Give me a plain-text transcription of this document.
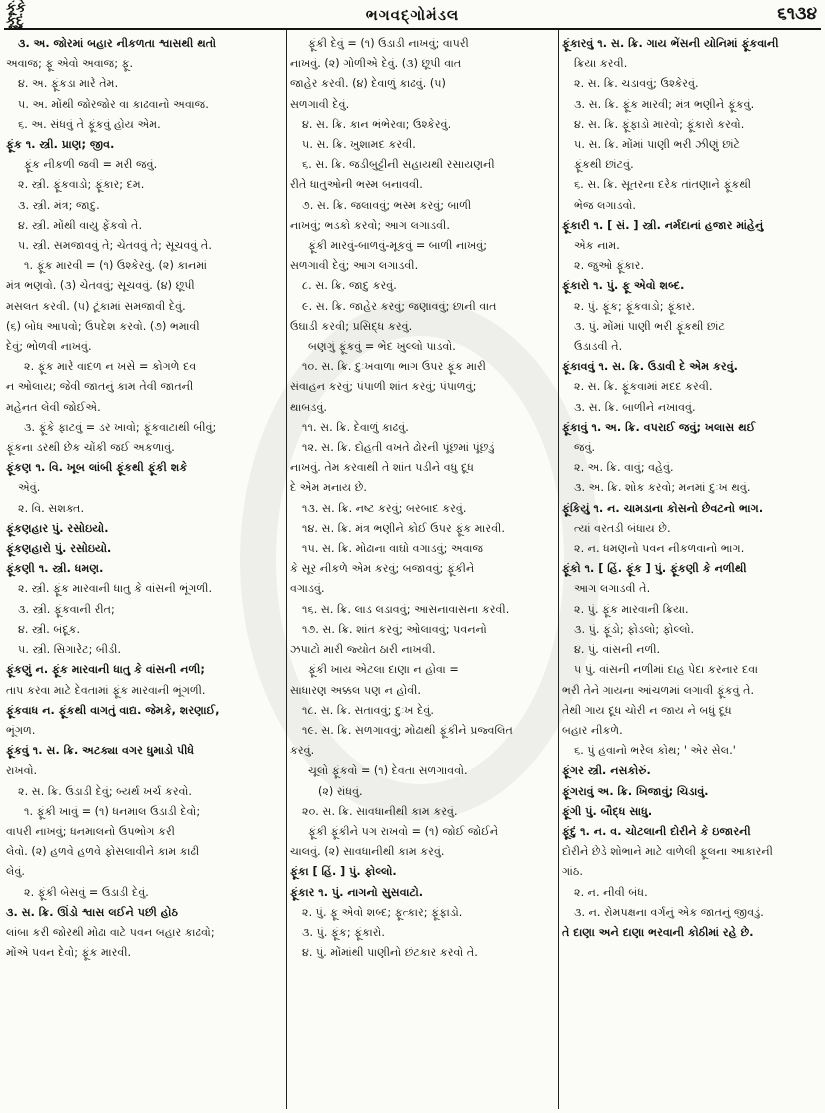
કૂંકે
કૂંદું	ભગવદ્ગોમંડલ	૬૧૩૪
૩. અ. જોરમાં બહાર નીકળતા શ્વાસથી થતો
અવાજ; ફૂ એવો અવાજ; ફૂ.
૪. અ. ફૂંકડા મારે તેમ.
૫. અ. મોંથી જોરજોર વા કાઢવાનો અવાજ.
૬. અ. સંધવું તે ફૂંકવું હોય એમ.
ફૂંક ૧. સ્ત્રી. પ્રાણ; જીવ.
ફૂંક નીકળી જવી = મરી જવું.
૨. સ્ત્રી. ફૂંકવાડો; ફૂંકાર; દમ.
૩. સ્ત્રી. મંત્ર; જાદુ.
૪. સ્ત્રી. મોંથી વાયુ ફેંકવો તે.
૫. સ્ત્રી. સમજાવવું તે; ચેતવવું તે; સૂચવવું તે.
૧. ફૂંક મારવી = (૧) ઉશ્કેરવું. (૨) કાનમાં
મંત્ર ભણવો. (૩) ચેતવવું; સૂચવવું. (૪) છૂપી
મસલત કરવી. (૫) ટૂંકામાં સમજાવી દેવું.
(૬) બોધ આપવો; ઉપદેશ કરવો. (૭) ભમાવી
દેવું; ભોળવી નાખવું.
૨. ફૂંક મારે વાદળ ન ખસે = કોગળે દવ
ન ઓલાય; જેવી જાતનું કામ તેવી જાતની
મહેનત લેવી જોઈએ.
૩. ફૂંકે ફાટવું = ડર ખાવો; ફૂંકવાટાથી બીવું;
ફૂંકના ડરથી છેક ચોંકી જઈ અકળાવું.
ફૂંકણ ૧. વિ. ખૂબ લાંબી ફૂંકથી ફૂંકી શકે
એવું.
૨. વિ. સશક્ત.
ફૂંકણહાર પું. રસોઇયો.
ફૂંકણહારો પું. રસોઇયો.
ફૂંકણી ૧. સ્ત્રી. ધમણ.
૨. સ્ત્રી. ફૂંક મારવાની ધાતુ કે વાંસની ભૂંગળી.
૩. સ્ત્રી. ફૂંકવાની રીત;
૪. સ્ત્રી. બંદૂક.
૫. સ્ત્રી. સિગારેટ; બીડી.
ફૂંકણું ન. ફૂંક મારવાની ધાતુ કે વાંસની નળી;
તાપ કરવા માટે દેવતામાં ફૂંક મારવાની ભૂંગળી.
ફૂંકવાધ ન. ફૂંકથી વાગતું વાદ્ય. જેમકે, શરણાઈ,
ભૂંગળ.
ફૂંકવું ૧. સ. ક્રિ. અટક્યા વગર ધુમાડો પીધે
રાખવો.
૨. સ. ક્રિ. ઉડાડી દેવું; બ્યર્થ ખર્ચ કરવો.
૧. ફૂંકી ખાવું = (૧) ધનમાલ ઉડાડી દેવો;
વાપરી નાખવું; ધનમાલનો ઉપભોગ કરી
લેવો. (૨) હળવે હળવે ફોસલાવીને કામ કાઢી
લેવું.
૨. ફૂંકી બેસવું = ઉડાડી દેવું.
૩. સ. ક્રિ. ઊંડો શ્વાસ લઈને પછી હોઠ
લાંબા કરી જોરથી મોઢા વાટે પવન બહાર કાઢવો;
મોંએ પવન દેવો; ફૂંક મારવી.
ફૂંકી દેવું = (૧) ઉડાડી નાખવું; વાપરી
નાખવું. (૨) ગોળીએ દેવું. (૩) છૂપી વાત
જાહેર કરવી. (૪) દેવાળું કાઢવું. (૫)
સળગાવી દેવું.
૪. સ. ક્રિ. કાન ભંભેરવા; ઉશ્કેરવું.
૫. સ. ક્રિ. ખુશામદ કરવી.
૬. સ. ક્રિ. જડીબુટ્ટીની સહાયથી રસાયણની
રીતે ધાતુઓની ભસ્મ બનાવવી.
૭. સ. ક્રિ. જલાવવું; ભસ્મ કરવું; બાળી
નાખવું; ભડકો કરવો; આગ લગાડવી.
ફૂંકી મારવું-બાળવું-મૂકવું = બાળી નાખવું;
સળગાવી દેવું; આગ લગાડવી.
૮. સ. ક્રિ. જાદુ કરવું.
૯. સ. ક્રિ. જાહેર કરવું; જણાવવું; છાની વાત
ઉઘાડી કરવી; પ્રસિદ્ધ કરવું.
બણગું ફૂંકવું = ભેદ ખુલ્લો પાડવો.
૧૦. સ. ક્રિ. દુઃખવાળા ભાગ ઉપર ફૂંક મારી
સંવાહન કરવું; પંપાળી શાંત કરવું; પંપાળવું;
થાબડવું.
૧૧. સ. ક્રિ. દેવાળું કાઢવું.
૧૨. સ. ક્રિ. દોહતી વખતે ઢોરની પૂંછમાં પૂંછડું
નાખવું. તેમ કરવાથી તે શાંત પડીને વધુ દૂધ
દે એમ મનાય છે.
૧૩. સ. ક્રિ. નષ્ટ કરવું; બરબાદ કરવું.
૧૪. સ. ક્રિ. મંત્ર ભણીને કોઈ ઉપર ફૂંક મારવી.
૧૫. સ. ક્રિ. મોઢાના વાઘો વગાડવું; અવાજ
કે સૂર નીકળે એમ કરવું; બજાવવું; ફૂંકીને
વગાડવું.
૧૬. સ. ક્રિ. લાડ લડાવવું; આસનાવાસના કરવી.
૧૭. સ. ક્રિ. શાંત કરવું; ઓલાવવું; પવનનો
ઝપાટો મારી જ્યોત ઠારી નાખવી.
ફૂંકી ખાય એટલા દાણા ન હોવા =
સાધારણ અક્કલ પણ ન હોવી.
૧૮. સ. ક્રિ. સતાવવું; દુઃખ દેવું.
૧૯. સ. ક્રિ. સળગાવવું; મોઢાથી ફૂંકીને પ્રજ્વલિત
કરવું.
ચૂલો ફૂંકવો = (૧) દેવતા સળગાવવો.
(૨) રાંધવું.
૨૦. સ. ક્રિ. સાવધાનીથી કામ કરવું.
ફૂંકી ફૂંકીને પગ રાખવો = (૧) જોઈ જોઈને
ચાલવું. (૨) સાવધાનીથી કામ કરવું.
ફૂંકા [ હિં. ] પું. ફોલ્લો.
ફૂંકાર ૧. પું. નાગનો સુસવાટો.
૨. પું. ફૂ એવો શબ્દ; ફૂત્કાર; ફૂંફાડો.
૩. પું. ફૂંક; ફૂંકારો.
૪. પું. મોંમાંથી પાણીનો છંટકાર કરવો તે.
ફૂંકારવું ૧. સ. ક્રિ. ગાય ભેંસની યોનિમાં ફૂંકવાની
ક્રિયા કરવી.
૨. સ. ક્રિ. ચડાવવું; ઉશ્કેરવું.
૩. સ. ક્રિ. ફૂંક મારવી; મંત્ર ભણીને ફૂંકવું.
૪. સ. ક્રિ. ફૂંફાડો મારવો; ફૂંકારો કરવો.
૫. સ. ક્રિ. મોંમાં પાણી ભરી ઝીણું છાંટે
ફૂંકથી છાંટવું.
૬. સ. ક્રિ. સૂતરના દરેક તાંતણાને ફૂંકથી
ભેજ લગાડવો.
ફૂંકારી ૧. [ સં. ] સ્ત્રી. નર્મદાનાં હજાર માંહેનું
એક નામ.
૨. જુઓ ફૂંકાર.
ફૂંકારો ૧. પું. ફૂ એવો શબ્દ.
૨. પું. ફૂંક; ફૂંકવાડો; ફૂંકાર.
૩. પું. મોંમાં પાણી ભરી ફૂંકથી છાંટ
ઉડાડવી તે.
ફૂંકાવવું ૧. સ. ક્રિ. ઉડાવી દે એમ કરવું.
૨. સ. ક્રિ. ફૂંકવામાં મદદ કરવી.
૩. સ. ક્રિ. બાળીને નખાવવું.
ફૂંકાવું ૧. અ. ક્રિ. વપરાઈ જવું; ખલાસ થઈ
જવું.
૨. અ. ક્રિ. વાવું; વહેવું.
૩. અ. ક્રિ. શોક કરવો; મનમાં દુઃખ થવું.
ફૂંકિયું ૧. ન. ચામડાના કોસનો છેવટનો ભાગ.
ત્યાં વરતડી બંધાય છે.
૨. ન. ધમણનો પવન નીકળવાનો ભાગ.
ફૂંકો ૧. [ હિં. ફૂંક ] પું. ફૂંકણી કે નળીથી
આગ લગાડવી તે.
૨. પું. ફૂંક મારવાની ક્રિયા.
૩. પું. ફૂંડો; ફોડલો; ફોલ્લો.
૪. પું. વાંસની નળી.
૫ પું. વાંસની નળીમાં દાહ પેદા કરનાર દવા
ભરી તેને ગાયના આંચળમાં લગાવી ફૂંકવું તે.
તેથી ગાય દૂધ ચોરી ન જાય ને બધું દૂધ
બહાર નીકળે.
૬. પું હવાનો ભરેલ કોથ; ' એર સેલ.'
ફૂંગર સ્ત્રી. નસકોરું.
ફૂંગરાવું અ. ક્રિ. ખિજાવું; ચિડાવું.
ફૂંગી પું. બૌદ્ધ સાધુ.
ફૂંદું ૧. ન. વ. ચોટલાની દોરીને કે ઇજારની
દોરીને છેડે શોભાને માટે વાળેલી ફૂલના આકારની
ગાંઠ.
૨. ન. નીવી બંધ.
૩. ન. રોમપક્ષના વર્ગનું એક જાતનું જીવડું.
તે દાણા અને દાણા ભરવાની કોઠીમાં રહે છે.
